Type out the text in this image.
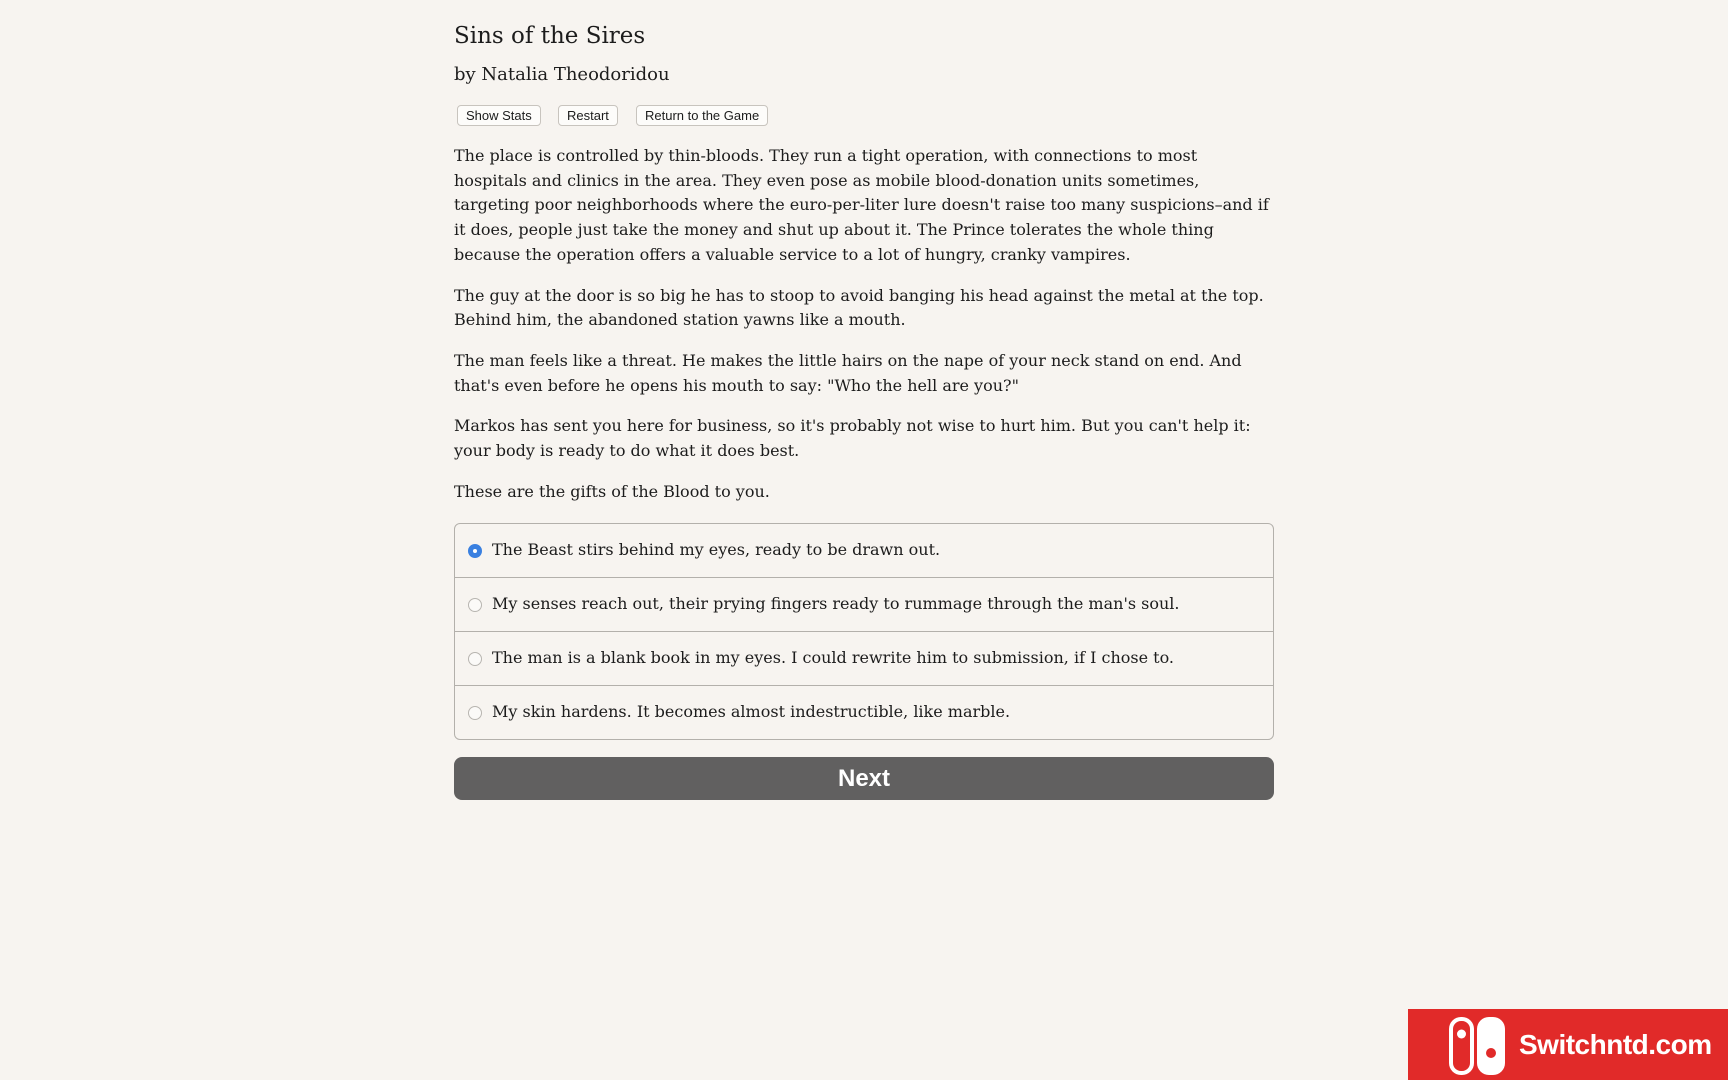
Sins of the Sires
by Natalia Theodoridou
Show Stats	Restart	Return to the Game

The place is controlled by thin-bloods. They run a tight operation, with connections to most hospitals and clinics in the area. They even pose as mobile blood-donation units sometimes, targeting poor neighborhoods where the euro-per-liter lure doesn't raise too many suspicions–and if it does, people just take the money and shut up about it. The Prince tolerates the whole thing because the operation offers a valuable service to a lot of hungry, cranky vampires.

The guy at the door is so big he has to stoop to avoid banging his head against the metal at the top. Behind him, the abandoned station yawns like a mouth.

The man feels like a threat. He makes the little hairs on the nape of your neck stand on end. And that's even before he opens his mouth to say: "Who the hell are you?"

Markos has sent you here for business, so it's probably not wise to hurt him. But you can't help it: your body is ready to do what it does best.

These are the gifts of the Blood to you.

The Beast stirs behind my eyes, ready to be drawn out.
My senses reach out, their prying fingers ready to rummage through the man's soul.
The man is a blank book in my eyes. I could rewrite him to submission, if I chose to.
My skin hardens. It becomes almost indestructible, like marble.
Next
Switchntd.com
